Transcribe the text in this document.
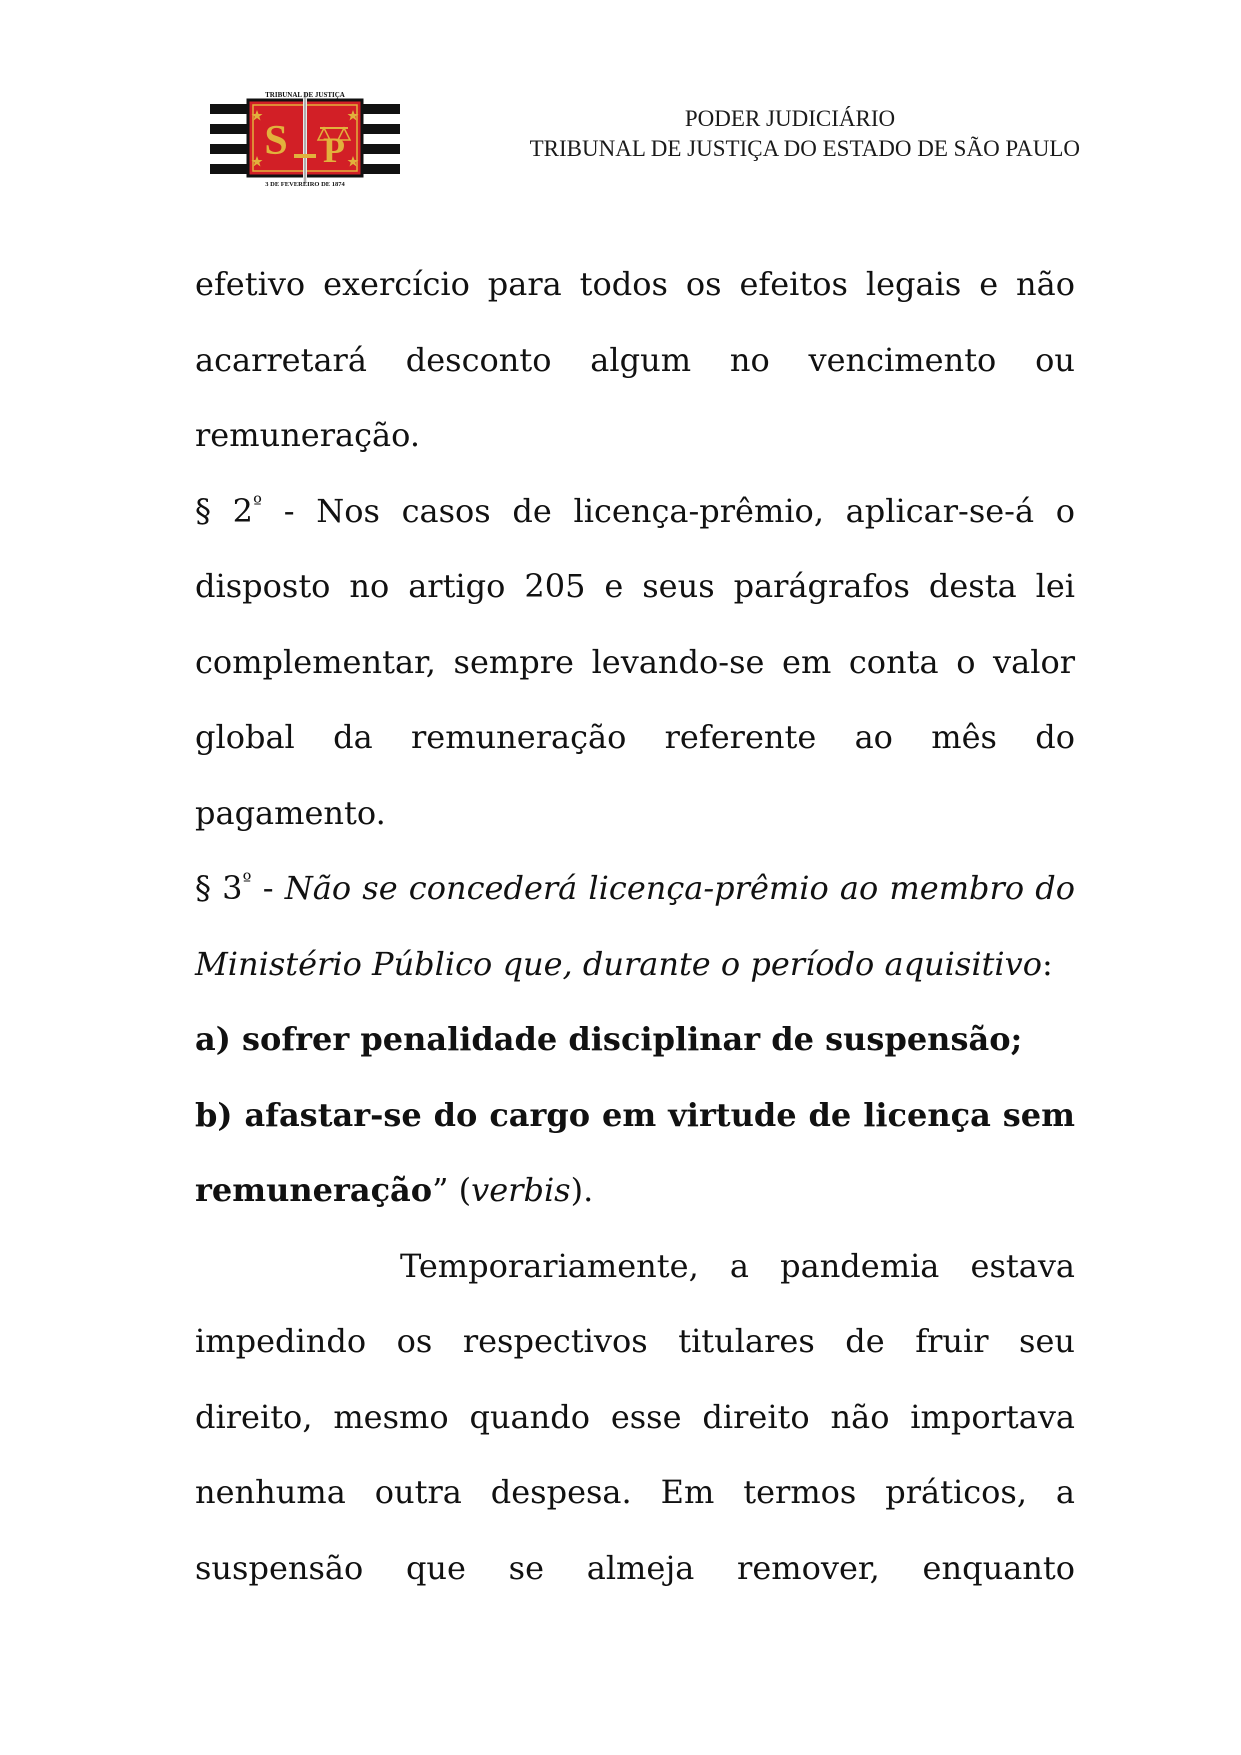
S P
TRIBUNAL DE JUSTIÇA
3 DE FEVEREIRO DE 1874
PODER JUDICIÁRIO
TRIBUNAL DE JUSTIÇA DO ESTADO DE SÃO PAULO
efetivo exercício para todos os efeitos legais e não
acarretará desconto algum no vencimento ou
remuneração.
§ $2^º$ - Nos casos de licença-prêmio, aplicar-se-á o
disposto no artigo 205 e seus parágrafos desta lei
complementar, sempre levando-se em conta o valor
global da remuneração referente ao mês do
pagamento.
§ $3^º$ - Não se concederá licença-prêmio ao membro do
Ministério Público que, durante o período aquisitivo:
a) sofrer penalidade disciplinar de suspensão;
b) afastar-se do cargo em virtude de licença sem
remuneração” (verbis).
Temporariamente, a pandemia estava
impedindo os respectivos titulares de fruir seu
direito, mesmo quando esse direito não importava
nenhuma outra despesa. Em termos práticos, a
suspensão que se almeja remover, enquanto
